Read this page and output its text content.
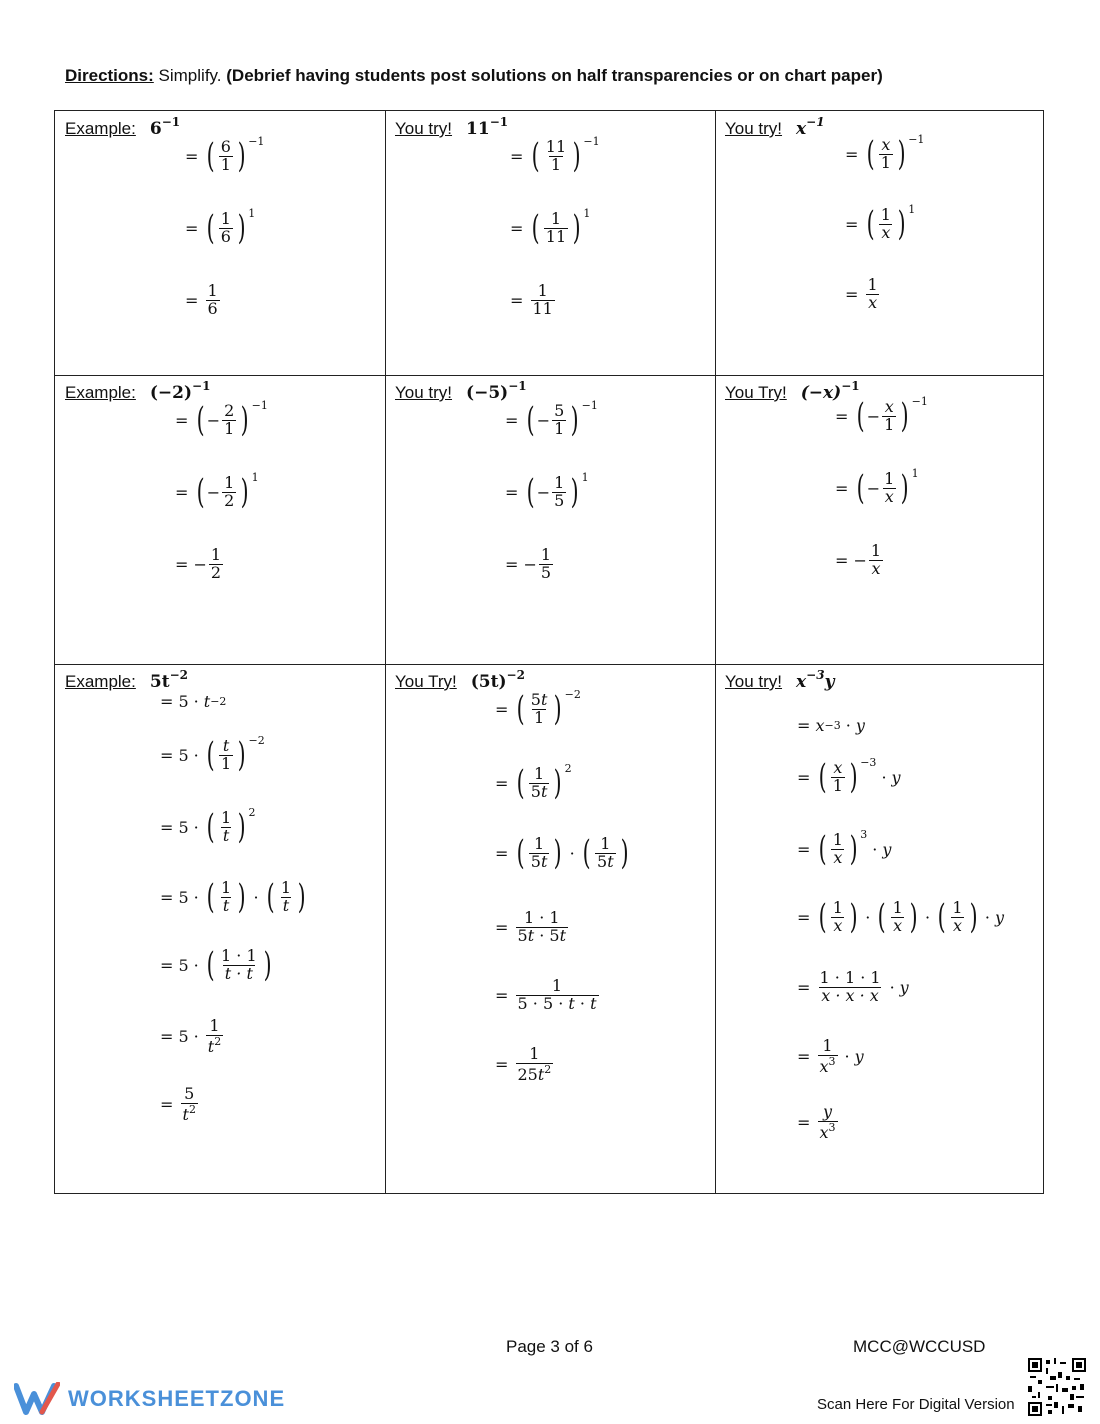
Directions: Simplify. (Debrief having students post solutions on half transparencies or on chart paper)
Example: $6^{-1}$
= ( $\frac{6}{1}$ ) −1
= ( $\frac{1}{6}$ ) 1
= $\frac{1}{6}$
You try! $11^{-1}$
= ( $\frac{11}{1}$ ) −1
= ( $\frac{1}{11}$ ) 1
= $\frac{1}{11}$
You try! $x^{-1}$
= ( $\frac{x}{1}$ ) −1
= ( $\frac{1}{x}$ ) 1
= $\frac{1}{x}$
Example: $(-2)^{-1}$
= ( − $\frac{2}{1}$ ) −1
= ( − $\frac{1}{2}$ ) 1
= − $\frac{1}{2}$
You try! $(-5)^{-1}$
= ( − $\frac{5}{1}$ ) −1
= ( − $\frac{1}{5}$ ) 1
= − $\frac{1}{5}$
You Try! $(-x)^{-1}$
= ( − $\frac{x}{1}$ ) −1
= ( − $\frac{1}{x}$ ) 1
= − $\frac{1}{x}$
Example: $5t^{-2}$
= 5 · t −2
= 5 · ( $\frac{t}{1}$ ) −2
= 5 · ( $\frac{1}{t}$ ) 2
= 5 · ( $\frac{1}{t}$ ) · ( $\frac{1}{t}$ )
= 5 · ( $\frac{1 \cdot 1}{t \cdot t}$ )
= $5 \cdot \frac{1}{t^2}$
= $\frac{5}{t^2}$
You Try! $(5t)^{-2}$
= ( $\frac{5t}{1}$ ) −2
= ( $\frac{1}{5t}$ ) 2
= ( $\frac{1}{5t}$ ) · ( $\frac{1}{5t}$ )
= $\frac{1 \cdot 1}{5t \cdot 5t}$
= $\frac{1}{5 \cdot 5 \cdot t \cdot t}$
= $\frac{1}{25t^2}$
You try! $x^{-3}y$
= x −3 · y
= ( $\frac{x}{1}$ ) −3
· y
= ( $\frac{1}{x}$ ) 3
· y
= ( $\frac{1}{x}$ ) · ( $\frac{1}{x}$ ) · ( $\frac{1}{x}$ ) · y
= $\frac{1 \cdot 1 \cdot 1}{x \cdot x \cdot x} \cdot y$
= $\frac{1}{x^3} \cdot y$
= $\frac{y}{x^3}$
Page 3 of 6	MCC@WCCUSD
WORKSHEETZONE	Scan Here For Digital Version
